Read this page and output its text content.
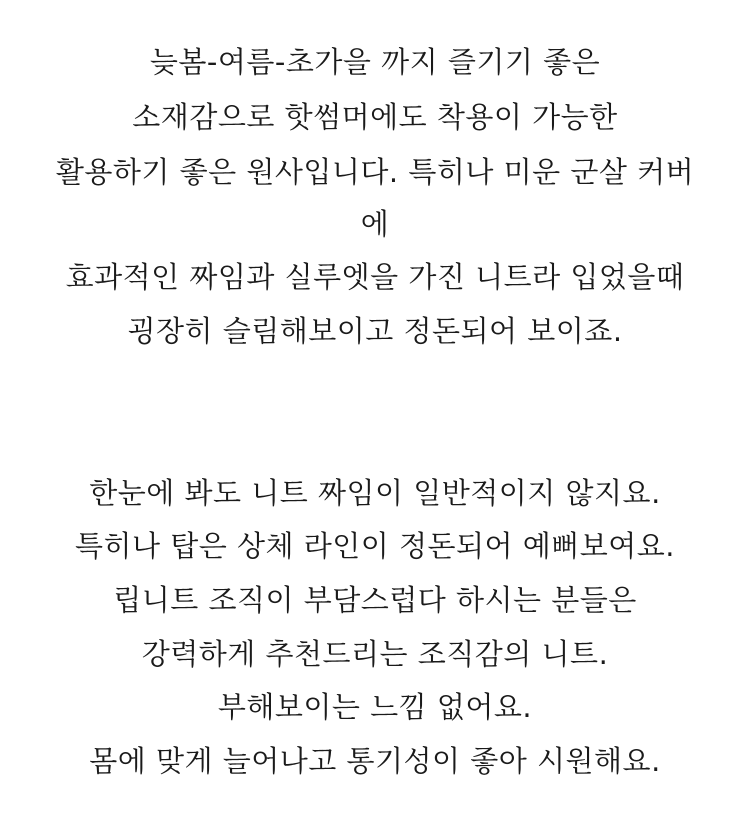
늦봄-여름-초가을 까지 즐기기 좋은
소재감으로 핫썸머에도 착용이 가능한
활용하기 좋은 원사입니다. 특히나 미운 군살 커버
에
효과적인 짜임과 실루엣을 가진 니트라 입었을때
굉장히 슬림해보이고 정돈되어 보이죠.
한눈에 봐도 니트 짜임이 일반적이지 않지요.
특히나 탑은 상체 라인이 정돈되어 예뻐보여요.
립니트 조직이 부담스럽다 하시는 분들은
강력하게 추천드리는 조직감의 니트.
부해보이는 느낌 없어요.
몸에 맞게 늘어나고 통기성이 좋아 시원해요.
